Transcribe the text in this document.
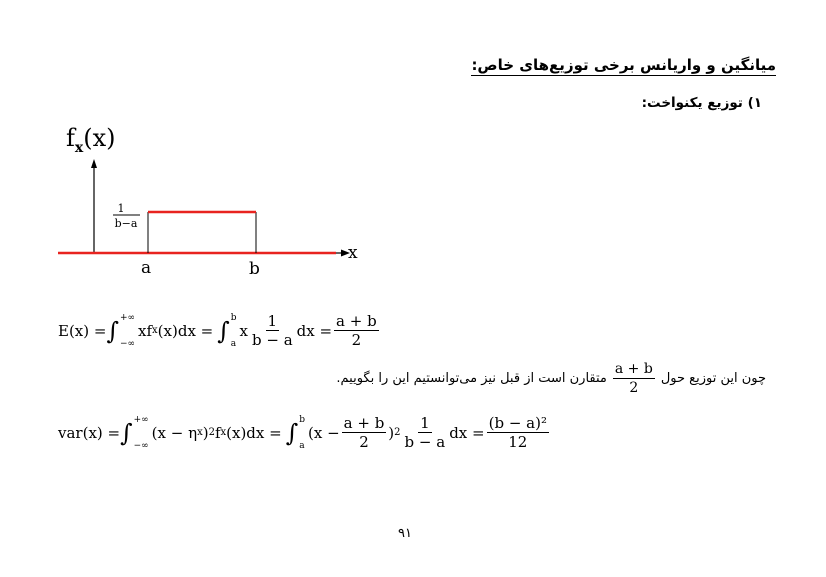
میانگین و واریانس برخی توزیع‌های خاص:
۱) توزیع یکنواخت:
$f_x(x)$
x
1
b−a
a	b
E(x) = ∫ +∞
−∞
xf x (x)dx = ∫ b
a
x $\frac{1}{b - a}$ dx = $\frac{a + b}{2}$
چون این توزیع حول
$\frac{a + b}{2}$
متقارن است از قبل نیز می‌توانستیم این را بگوییم.
var(x) = ∫ +∞
−∞
(x − η x ) 2 f x (x)dx = ∫ b
a
($x - \frac{a + b}{2}$ ) $2 \frac{1}{b - a}$ dx = $\frac{\text{(b − a)²}}{12}$
۹۱
